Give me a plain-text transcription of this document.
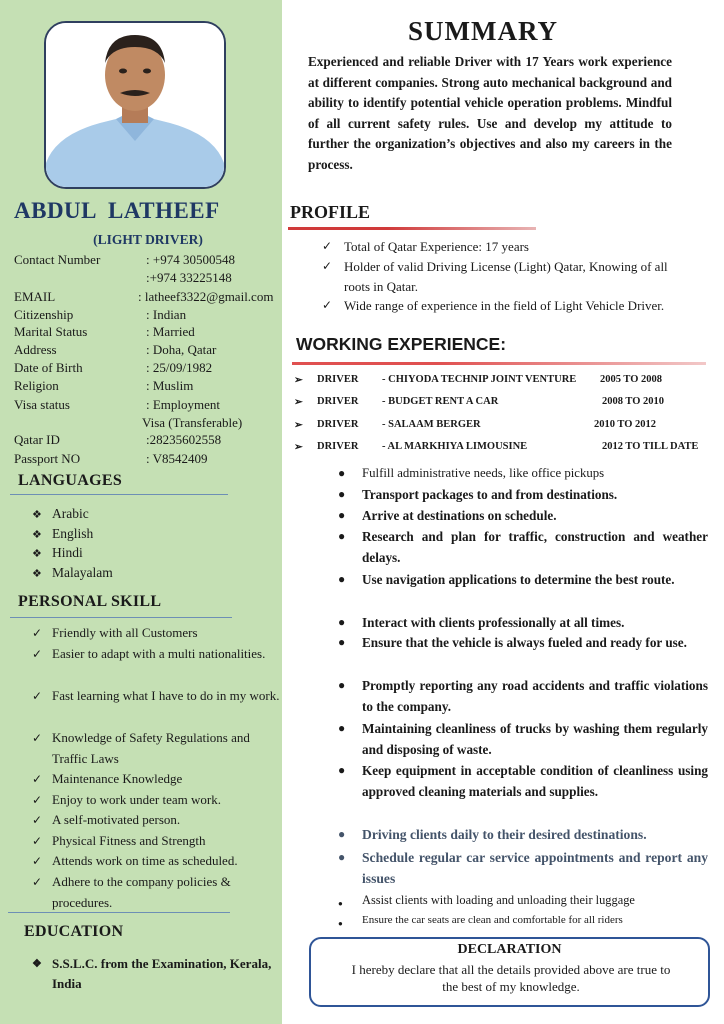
ABDUL LATHEEF
(LIGHT DRIVER)
Contact Number	: +974 30500548
:+974 33225148
EMAIL	: latheef3322@gmail.com
Citizenship	: Indian
Marital Status	: Married
Address	: Doha, Qatar
Date of Birth	: 25/09/1982
Religion	: Muslim
Visa status	: Employment
Visa (Transferable)
Qatar ID	:28235602558
Passport NO	: V8542409
LANGUAGES
❖ Arabic
❖ English
❖ Hindi
❖ Malayalam
PERSONAL SKILL
✓ Friendly with all Customers
✓ Easier to adapt with a multi nationalities.
✓ Fast learning what I have to do in my work.
✓ Knowledge of Safety Regulations and Traffic Laws
✓ Maintenance Knowledge
✓ Enjoy to work under team work.
✓ A self-motivated person.
✓ Physical Fitness and Strength
✓ Attends work on time as scheduled.
✓ Adhere to the company policies & procedures.
EDUCATION
❖ S.S.L.C. from the Examination, Kerala, India
SUMMARY
Experienced and reliable Driver with 17 Years work experience at different companies. Strong auto mechanical background and ability to identify potential vehicle operation problems. Mindful of all current safety rules. Use and develop my attitude to further the organization’s objectives and also my careers in the process.
PROFILE
✓ Total of Qatar Experience: 17 years
✓ Holder of valid Driving License (Light) Qatar, Knowing of all roots in Qatar.
✓ Wide range of experience in the field of Light Vehicle Driver.
WORKING EXPERIENCE:
➢ DRIVER - CHIYODA TECHNIP JOINT VENTURE 2005 TO 2008
➢ DRIVER - BUDGET RENT A CAR	2008 TO 2010
➢ DRIVER - SALAAM BERGER	2010 TO 2012
➢ DRIVER - AL MARKHIYA LIMOUSINE	2012 TO TILL DATE
● Fulfill administrative needs, like office pickups
● Transport packages to and from destinations.
● Arrive at destinations on schedule.
● Research and plan for traffic, construction and weather delays.
● Use navigation applications to determine the best route.
● Interact with clients professionally at all times.
● Ensure that the vehicle is always fueled and ready for use.
● Promptly reporting any road accidents and traffic violations to the company.
● Maintaining cleanliness of trucks by washing them regularly and disposing of waste.
● Keep equipment in acceptable condition of cleanliness using approved cleaning materials and supplies.
● Driving clients daily to their desired destinations.
● Schedule regular car service appointments and report any issues
● Assist clients with loading and unloading their luggage
● Ensure the car seats are clean and comfortable for all riders
DECLARATION
I hereby declare that all the details provided above are true to the best of my knowledge.
